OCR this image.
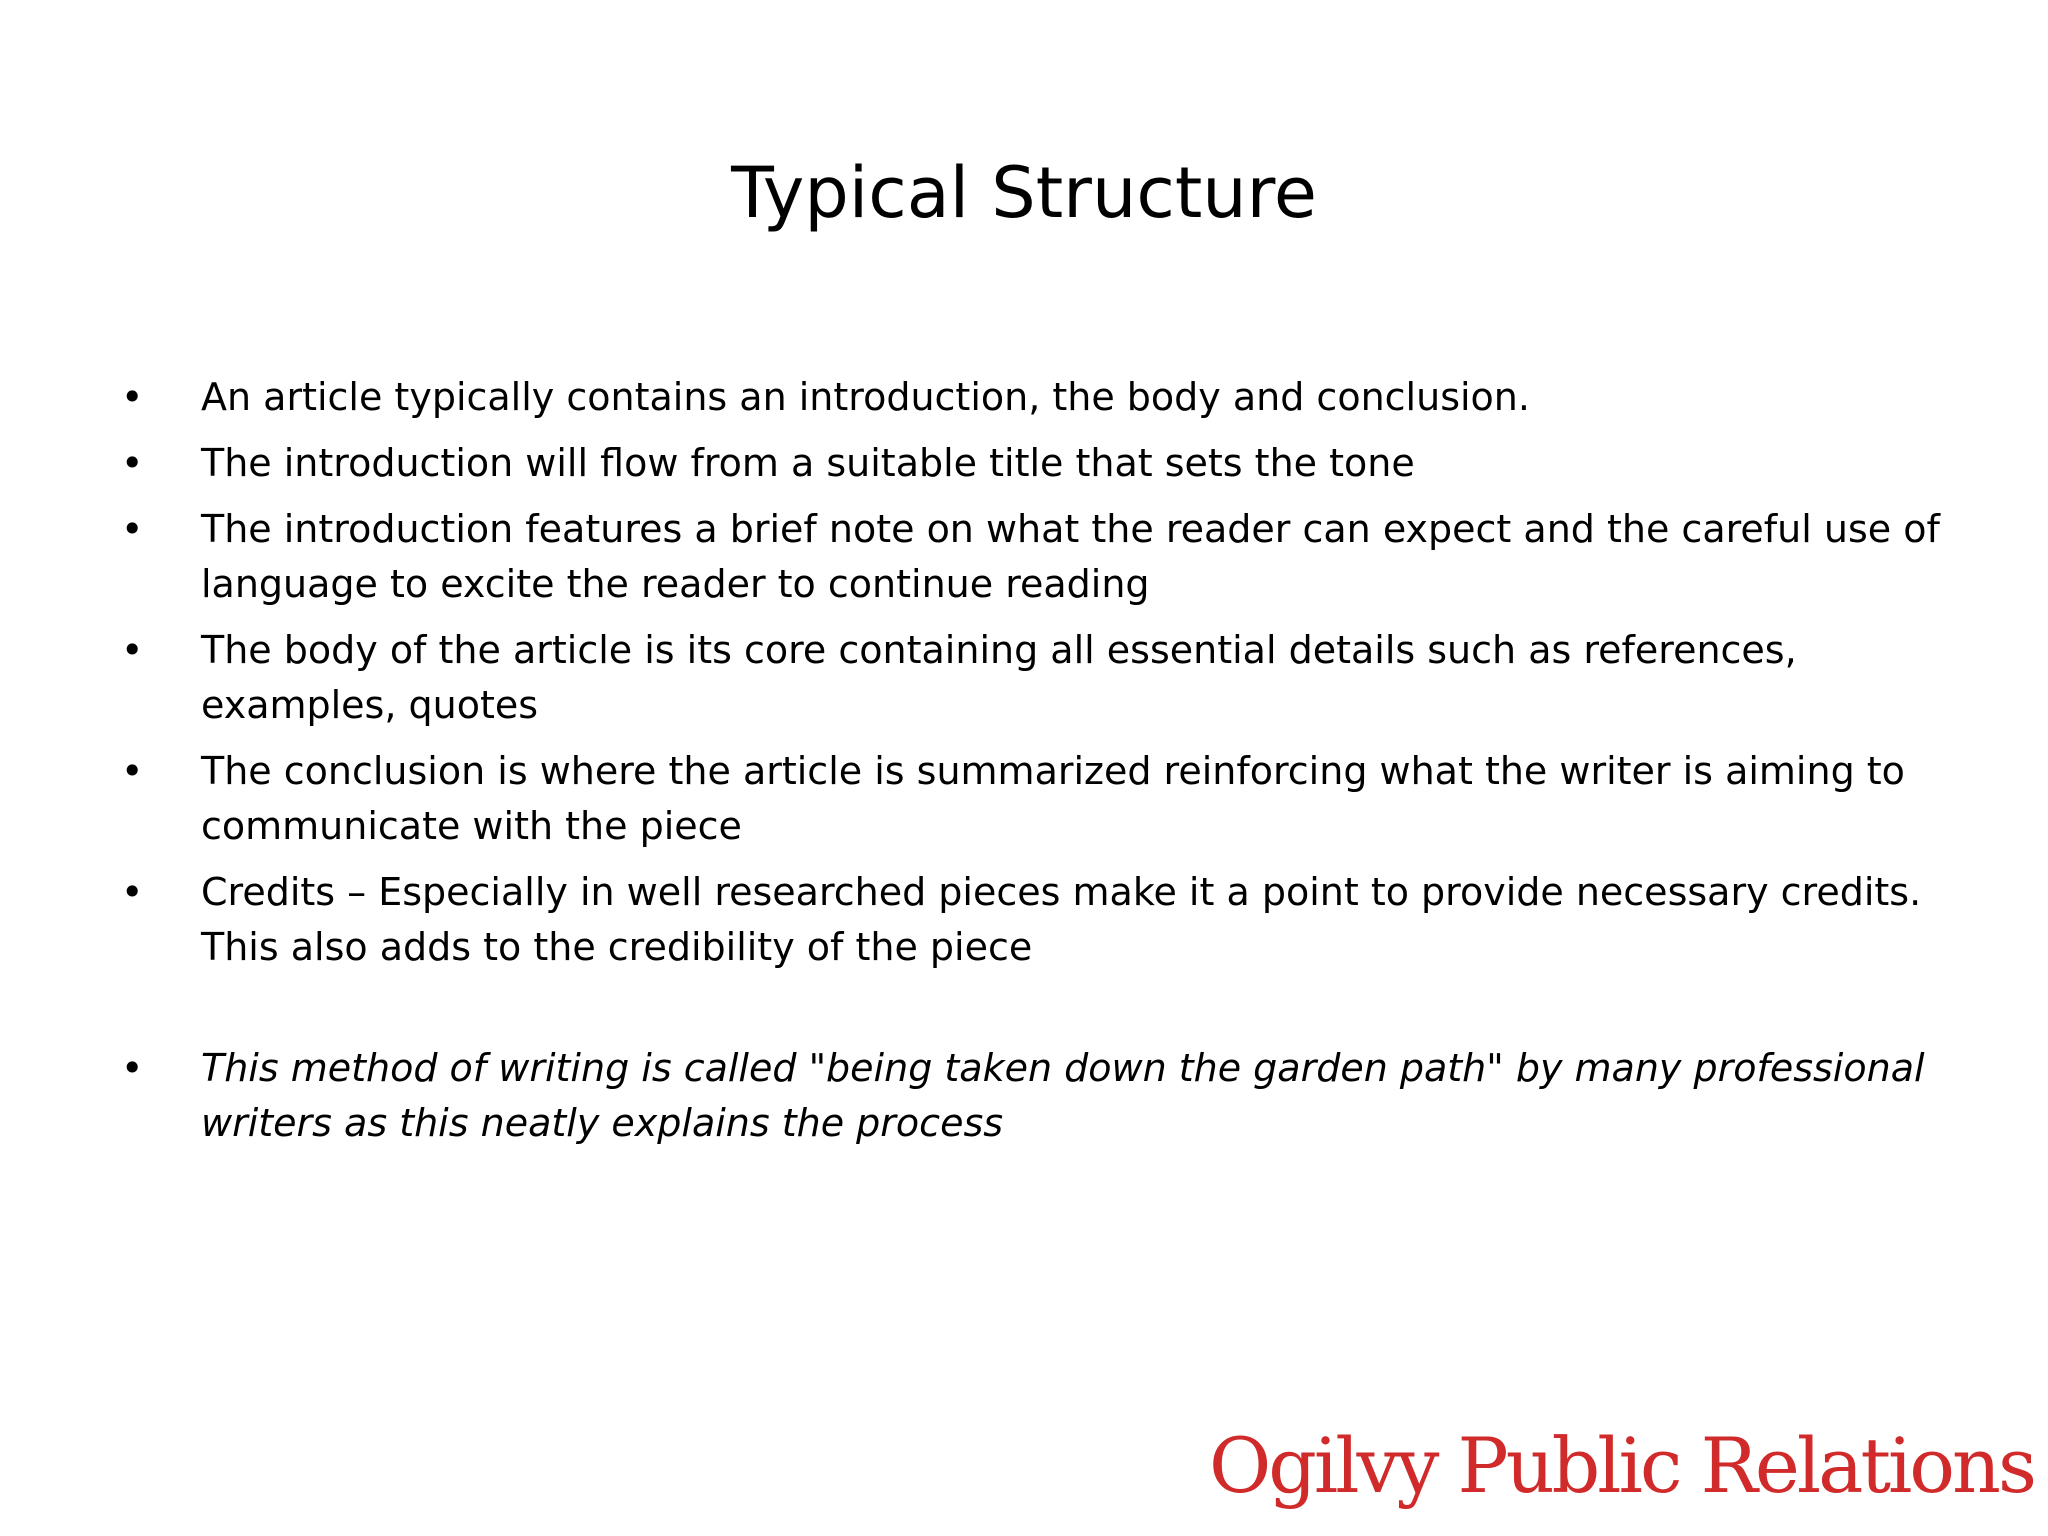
Typical Structure
• An article typically contains an introduction, the body and conclusion.
• The introduction will flow from a suitable title that sets the tone
• The introduction features a brief note on what the reader can expect and the careful use of language to excite the reader to continue reading
• The body of the article is its core containing all essential details such as references, examples, quotes
• The conclusion is where the article is summarized reinforcing what the writer is aiming to communicate with the piece
• Credits – Especially in well researched pieces make it a point to provide necessary credits. This also adds to the credibility of the piece
• This method of writing is called "being taken down the garden path" by many professional writers as this neatly explains the process
Ogilvy Public Relations
